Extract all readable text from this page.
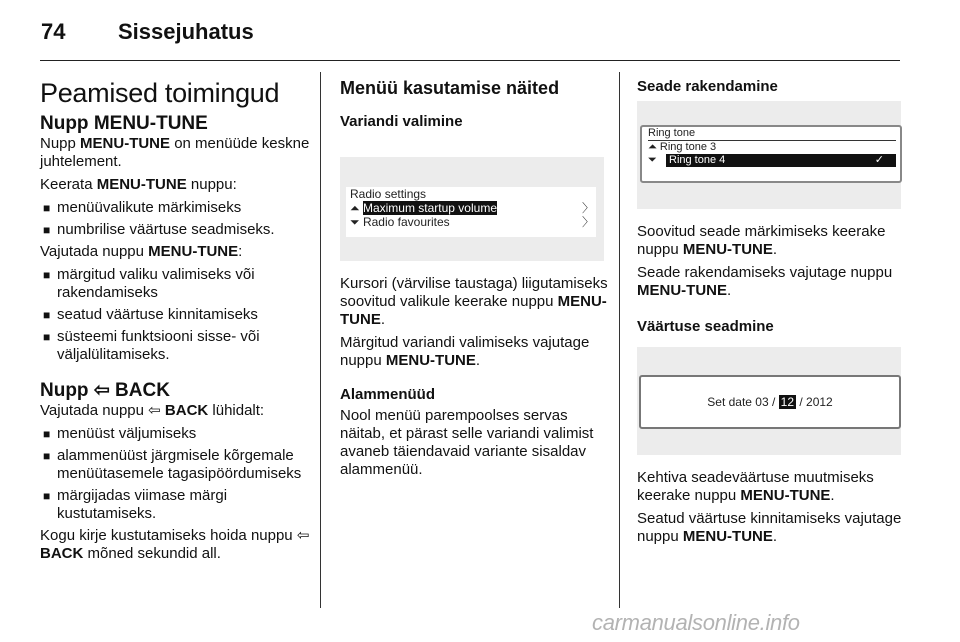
74 Sissejuhatus
Peamised toimingud
Nupp MENU-TUNE

Nupp MENU-TUNE on menüüde keskne juhtelement.

Keerata MENU-TUNE nuppu:

■ menüüvalikute märkimiseks
■ numbrilise väärtuse seadmiseks.

Vajutada nuppu MENU-TUNE:

■ märgitud valiku valimiseks või rakendamiseks
■ seatud väärtuse kinnitamiseks
■ süsteemi funktsiooni sisse- või väljalülitamiseks.
Nupp ⇦ BACK

Vajutada nuppu ⇦ BACK lühidalt:

■ menüüst väljumiseks
■ alammenüüst järgmisele kõrgemale menüütasemele tagasipöördumiseks
■ märgijadas viimase märgi kustutamiseks.

Kogu kirje kustutamiseks hoida nuppu ⇦ BACK mõned sekundid all.

Menüü kasutamise näited
Variandi valimine
Radio settings
⏶ Maximum startup volume	〉
⏷ Radio favourites	〉

Kursori (värvilise taustaga) liigutamiseks soovitud valikule keerake nuppu MENU-TUNE.

Märgitud variandi valimiseks vajutage nuppu MENU-TUNE.

Alammenüüd

Nool menüü parempoolses servas näitab, et pärast selle variandi valimist avaneb täiendavaid variante sisaldav alammenüü.

Seade rakendamine
Ring tone
⏶ Ring tone 3
⏷ Ring tone 4	✓

Soovitud seade märkimiseks keerake nuppu MENU-TUNE.

Seade rakendamiseks vajutage nuppu MENU-TUNE.

Väärtuse seadmine
Set date 03 / 12 / 2012

Kehtiva seadeväärtuse muutmiseks keerake nuppu MENU-TUNE.

Seatud väärtuse kinnitamiseks vajutage nuppu MENU-TUNE.

carmanualsonline.info
